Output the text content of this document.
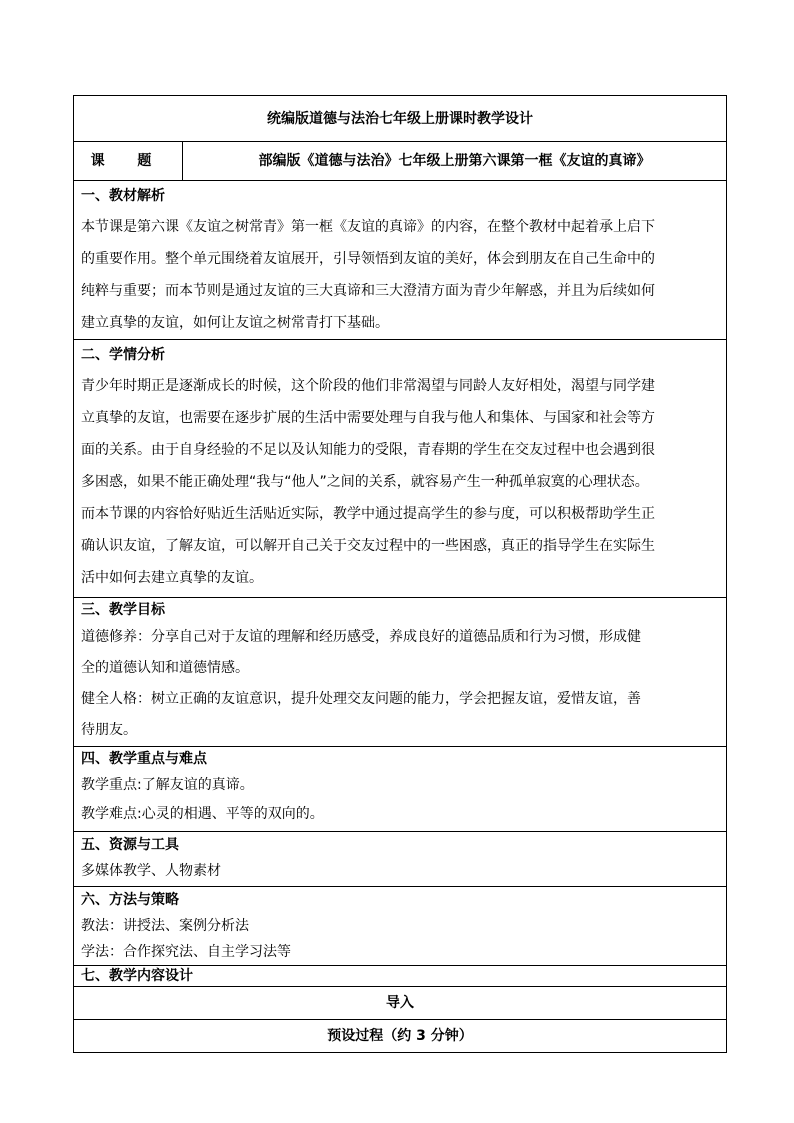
统编版道德与法治七年级上册课时教学设计
课 题	部编版《道德与法治》七年级上册第六课第一框《友谊的真谛》

一、教材解析
本节课是第六课《友谊之树常青》第一框《友谊的真谛》的内容，在整个教材中起着承上启下
的重要作用。整个单元围绕着友谊展开，引导领悟到友谊的美好，体会到朋友在自己生命中的
纯粹与重要；而本节则是通过友谊的三大真谛和三大澄清方面为青少年解惑，并且为后续如何
建立真挚的友谊，如何让友谊之树常青打下基础。

二、学情分析
青少年时期正是逐渐成长的时候，这个阶段的他们非常渴望与同龄人友好相处，渴望与同学建
立真挚的友谊，也需要在逐步扩展的生活中需要处理与自我与他人和集体、与国家和社会等方
面的关系。由于自身经验的不足以及认知能力的受限，青春期的学生在交友过程中也会遇到很
多困惑，如果不能正确处理“我与“他人”之间的关系，就容易产生一种孤单寂寞的心理状态。
而本节课的内容恰好贴近生活贴近实际，教学中通过提高学生的参与度，可以积极帮助学生正
确认识友谊，了解友谊，可以解开自己关于交友过程中的一些困惑，真正的指导学生在实际生
活中如何去建立真挚的友谊。

三、教学目标
道德修养：分享自己对于友谊的理解和经历感受，养成良好的道德品质和行为习惯，形成健
全的道德认知和道德情感。
健全人格：树立正确的友谊意识，提升处理交友问题的能力，学会把握友谊，爱惜友谊，善
待朋友。

四、教学重点与难点
教学重点:了解友谊的真谛。
教学难点:心灵的相遇、平等的双向的。

五、资源与工具
多媒体教学、人物素材

六、方法与策略
教法：讲授法、案例分析法
学法：合作探究法、自主学习法等

七、教学内容设计

导入
预设过程（约 3 分钟）
